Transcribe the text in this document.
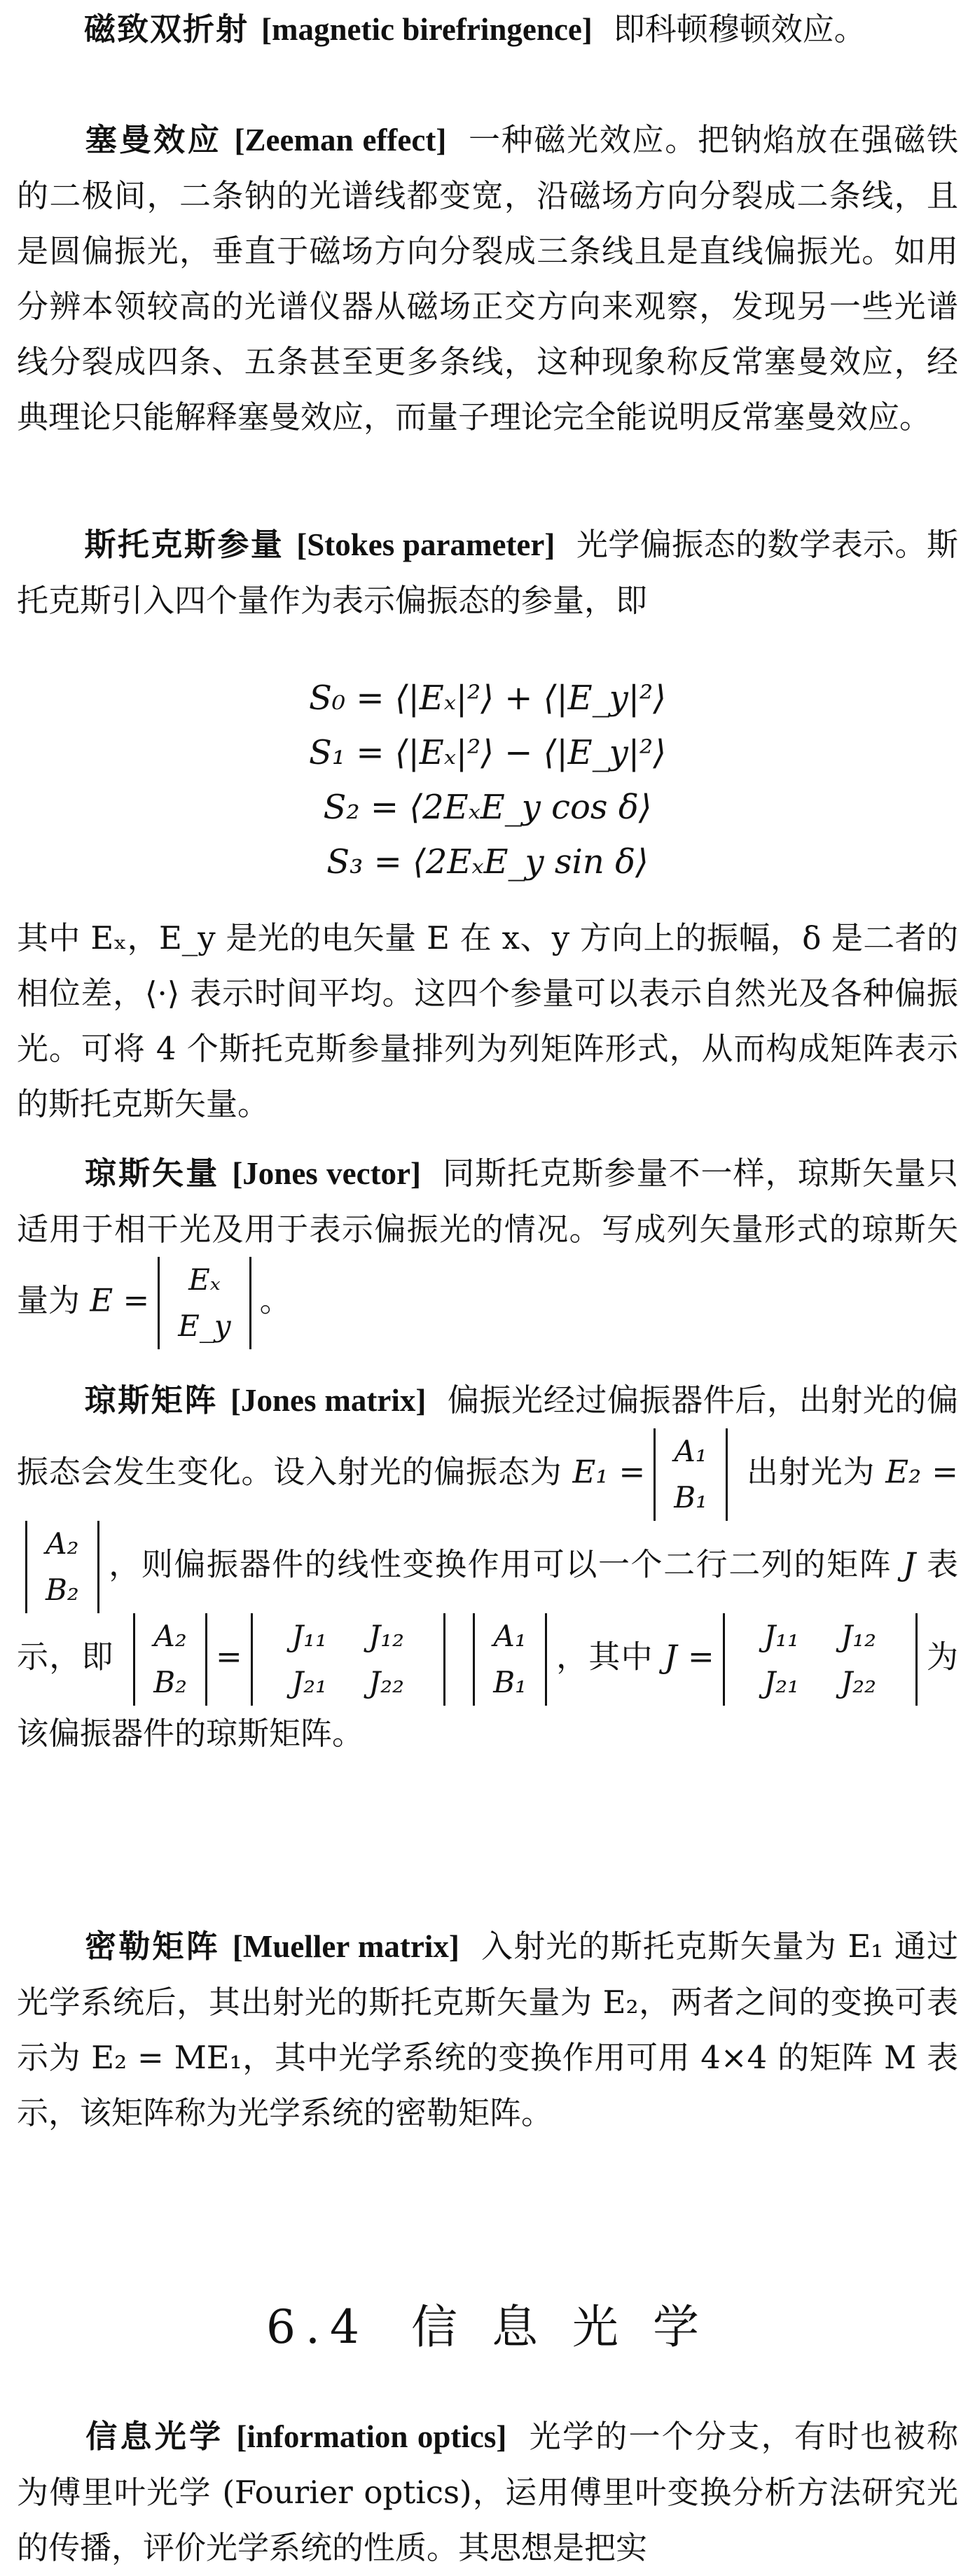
磁致双折射 [magnetic birefringence] 即科顿穆顿效应。
塞曼效应 [Zeeman effect] 一种磁光效应。把钠焰放在强磁铁的二极间，二条钠的光谱线都变宽，沿磁场方向分裂成二条线，且是圆偏振光，垂直于磁场方向分裂成三条线且是直线偏振光。如用分辨本领较高的光谱仪器从磁场正交方向来观察，发现另一些光谱线分裂成四条、五条甚至更多条线，这种现象称反常塞曼效应，经典理论只能解释塞曼效应，而量子理论完全能说明反常塞曼效应。
斯托克斯参量 [Stokes parameter] 光学偏振态的数学表示。斯托克斯引入四个量作为表示偏振态的参量，即
S₀ = ⟨|Eₓ|²⟩ + ⟨|E_y|²⟩
S₁ = ⟨|Eₓ|²⟩ − ⟨|E_y|²⟩
S₂ = ⟨2EₓE_y cos δ⟩
S₃ = ⟨2EₓE_y sin δ⟩
其中 Eₓ，E_y 是光的电矢量 E 在 x、y 方向上的振幅，δ 是二者的相位差，⟨·⟩ 表示时间平均。这四个参量可以表示自然光及各种偏振光。可将 4 个斯托克斯参量排列为列矩阵形式，从而构成矩阵表示的斯托克斯矢量。
琼斯矢量 [Jones vector] 同斯托克斯参量不一样，琼斯矢量只适用于相干光及用于表示偏振光的情况。写成列矢量形式的琼斯矢量为 E =
Eₓ
E_y
。
琼斯矩阵 [Jones matrix] 偏振光经过偏振器件后，出射光的偏振态会发生变化。设入射光的偏振态为 E₁ =
A₁
B₁
出射光为 E₂ =
A₂
B₂
，则偏振器件的线性变换作用可以一个二行二列的矩阵 J 表示，即
A₂
B₂
=
J₁₁ J₁₂
J₂₁ J₂₂

A₁
B₁
，其中 J =
J₁₁ J₁₂
J₂₁ J₂₂
为该偏振器件的琼斯矩阵。
密勒矩阵 [Mueller matrix] 入射光的斯托克斯矢量为 E₁ 通过光学系统后，其出射光的斯托克斯矢量为 E₂，两者之间的变换可表示为 E₂ = ME₁，其中光学系统的变换作用可用 4×4 的矩阵 M 表示，该矩阵称为光学系统的密勒矩阵。
6.4 信 息 光 学
信息光学 [information optics] 光学的一个分支，有时也被称为傅里叶光学 (Fourier optics)，运用傅里叶变换分析方法研究光的传播，评价光学系统的性质。其思想是把实
